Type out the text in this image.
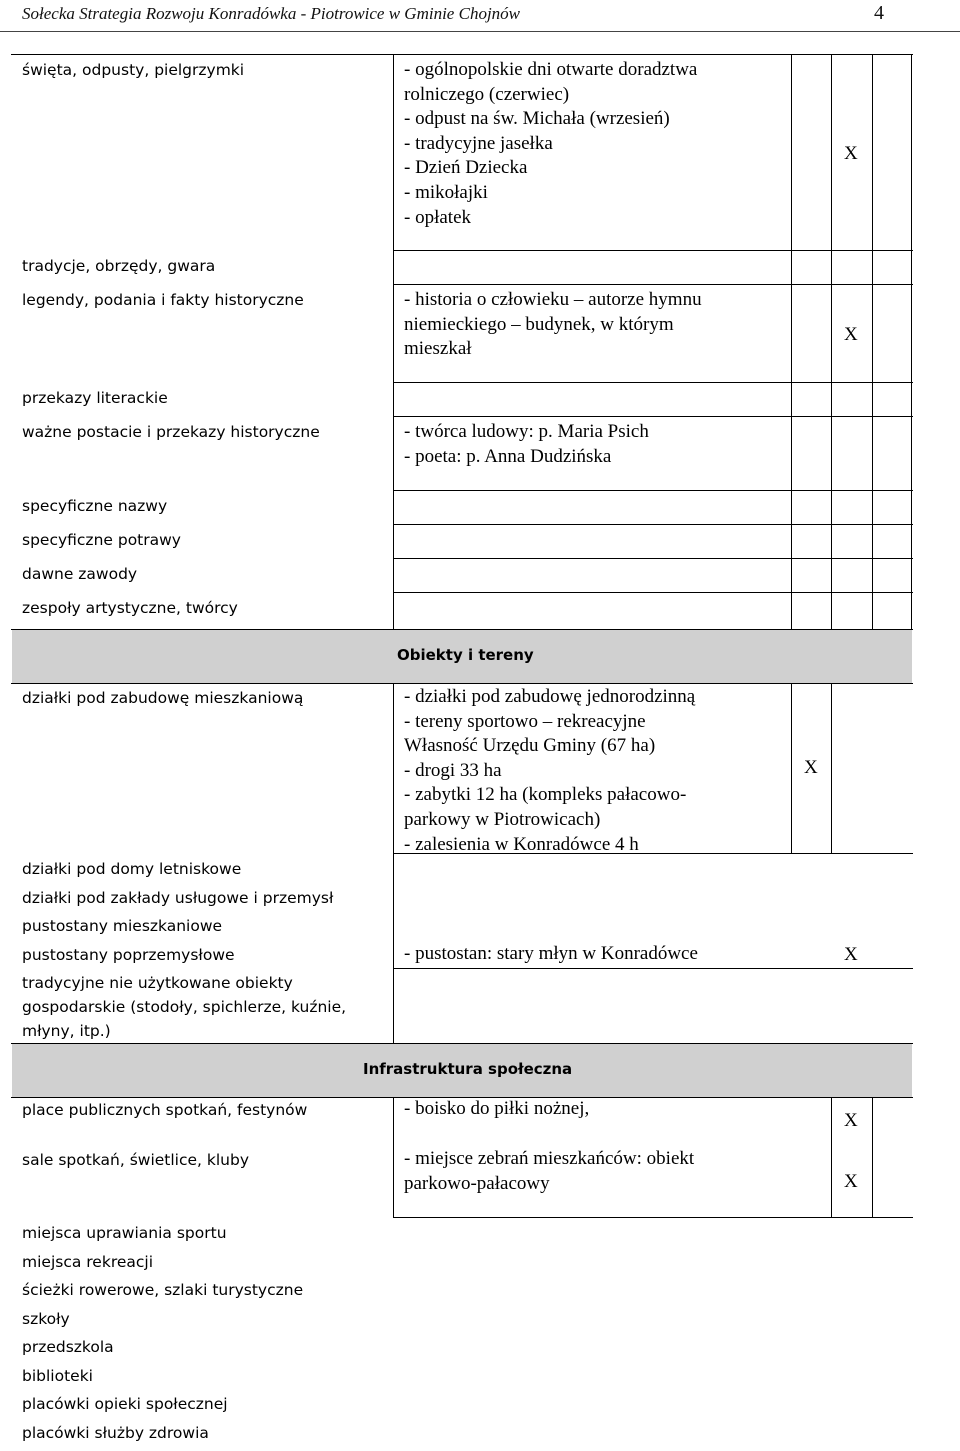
Sołecka Strategia Rozwoju Konradówka - Piotrowice w Gminie Chojnów	4
święta, odpusty, pielgrzymki
tradycje, obrzędy, gwara
legendy, podania i fakty historyczne
przekazy literackie
ważne postacie i przekazy historyczne
specyficzne nazwy
specyficzne potrawy
dawne zawody
zespoły artystyczne, twórcy
- ogólnopolskie dni otwarte doradztwa
rolniczego (czerwiec)
- odpust na św. Michała (wrzesień)
- tradycyjne jasełka
- Dzień Dziecka
- mikołajki
- opłatek
- historia o człowieku – autorze hymnu
niemieckiego – budynek, w którym
mieszkał
- twórca ludowy: p. Maria Psich
- poeta: p. Anna Dudzińska
X
X
Obiekty i tereny
działki pod zabudowę mieszkaniową
działki pod domy letniskowe
działki pod zakłady usługowe i przemysł
pustostany mieszkaniowe
pustostany poprzemysłowe
tradycyjne nie użytkowane obiekty
gospodarskie (stodoły, spichlerze, kuźnie,
młyny, itp.)
- działki pod zabudowę jednorodzinną
- tereny sportowo – rekreacyjne
Własność Urzędu Gminy (67 ha)
- drogi 33 ha
- zabytki 12 ha (kompleks pałacowo-
parkowy w Piotrowicach)
- zalesienia w Konradówce 4 h
- pustostan: stary młyn w Konradówce
X
X
Infrastruktura społeczna
place publicznych spotkań, festynów
sale spotkań, świetlice, kluby
miejsca uprawiania sportu
miejsca rekreacji
ścieżki rowerowe, szlaki turystyczne
szkoły
przedszkola
biblioteki
placówki opieki społecznej
placówki służby zdrowia
- boisko do piłki nożnej,
- miejsce zebrań mieszkańców: obiekt
parkowo-pałacowy
X
X
